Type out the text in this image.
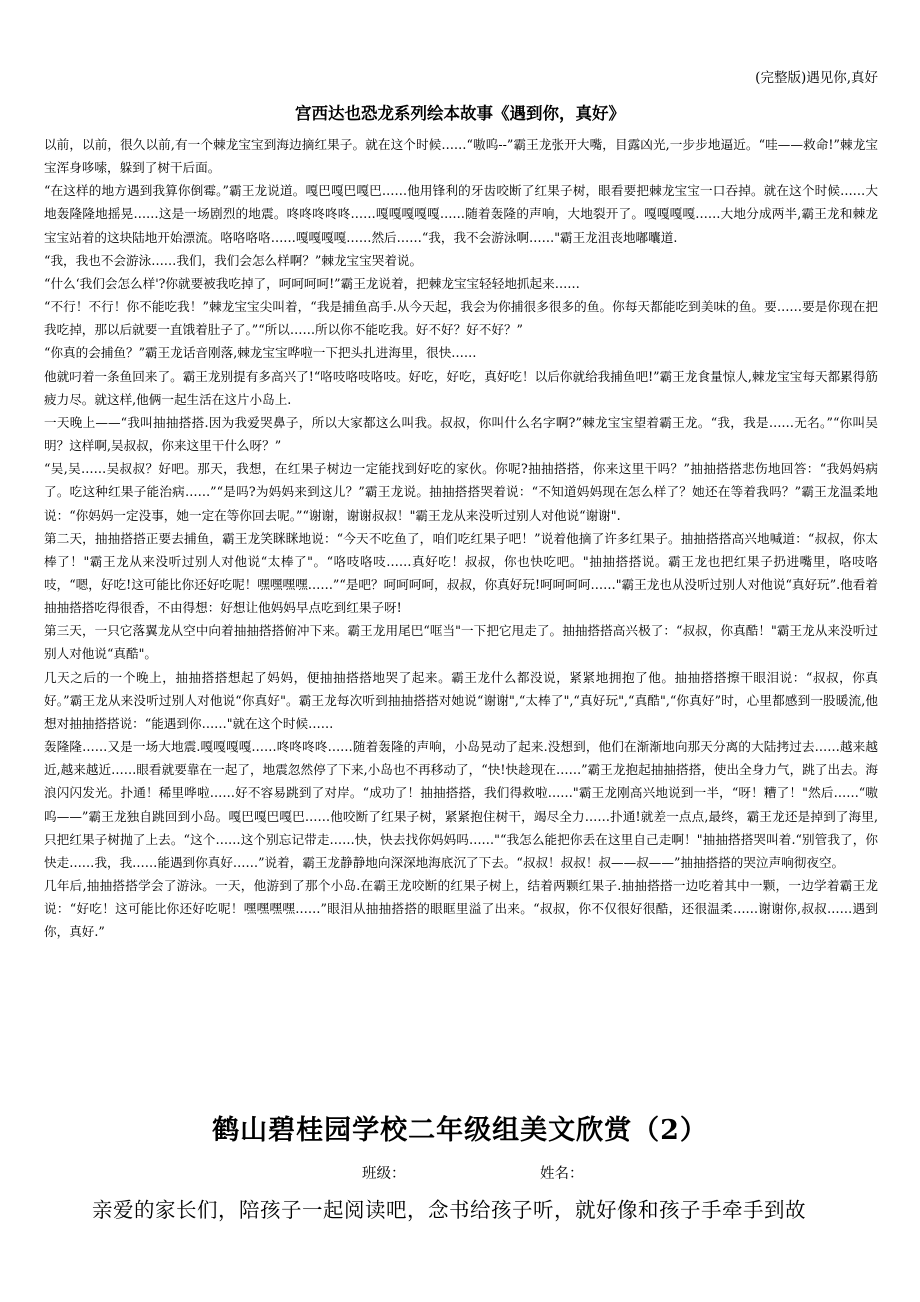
(完整版)遇见你,真好
宫西达也恐龙系列绘本故事《遇到你，真好》

以前，以前，很久以前,有一个棘龙宝宝到海边摘红果子。就在这个时候……“嗷呜--”霸王龙张开大嘴，目露凶光,一步步地逼近。“哇——救命!”棘龙宝宝浑身哆嗦，躲到了树干后面。

“在这样的地方遇到我算你倒霉。”霸王龙说道。嘎巴嘎巴嘎巴……他用锋利的牙齿咬断了红果子树，眼看要把棘龙宝宝一口吞掉。就在这个时候……大地轰隆隆地摇晃……这是一场剧烈的地震。咚咚咚咚咚……嘎嘎嘎嘎嘎……随着轰隆的声响，大地裂开了。嘎嘎嘎嘎……大地分成两半,霸王龙和棘龙宝宝站着的这块陆地开始漂流。咯咯咯咯……嘎嘎嘎嘎……然后……“我，我不会游泳啊……"霸王龙沮丧地嘟囔道.

“我，我也不会游泳……我们，我们会怎么样啊？”棘龙宝宝哭着说。

“什么‘我们会怎么样'?你就要被我吃掉了，呵呵呵呵!”霸王龙说着，把棘龙宝宝轻轻地抓起来……

“不行！不行！你不能吃我！”棘龙宝宝尖叫着，“我是捕鱼高手.从今天起，我会为你捕很多很多的鱼。你每天都能吃到美味的鱼。要……要是你现在把我吃掉，那以后就要一直饿着肚子了。”“所以……所以你不能吃我。好不好？好不好？”

“你真的会捕鱼？”霸王龙话音刚落,棘龙宝宝哗啦一下把头扎进海里，很快……

他就叼着一条鱼回来了。霸王龙别提有多高兴了!“咯吱咯吱咯吱。好吃，好吃，真好吃！以后你就给我捕鱼吧!”霸王龙食量惊人,棘龙宝宝每天都累得筋疲力尽。就这样,他俩一起生活在这片小岛上.

一天晚上——“我叫抽抽搭搭.因为我爱哭鼻子，所以大家都这么叫我。叔叔，你叫什么名字啊?”棘龙宝宝望着霸王龙。“我，我是……无名。”“你叫吴明？这样啊,吴叔叔，你来这里干什么呀？”

“吴,吴……吴叔叔？好吧。那天，我想，在红果子树边一定能找到好吃的家伙。你呢?抽抽搭搭，你来这里干吗？”抽抽搭搭悲伤地回答：“我妈妈病了。吃这种红果子能治病……”“是吗?为妈妈来到这儿？”霸王龙说。抽抽搭搭哭着说：“不知道妈妈现在怎么样了？她还在等着我吗？”霸王龙温柔地说：“你妈妈一定没事，她一定在等你回去呢。”“谢谢，谢谢叔叔！"霸王龙从来没听过别人对他说“谢谢".

第二天，抽抽搭搭正要去捕鱼，霸王龙笑眯眯地说：“今天不吃鱼了，咱们吃红果子吧！”说着他摘了许多红果子。抽抽搭搭高兴地喊道：“叔叔，你太棒了！"霸王龙从来没听过别人对他说“太棒了"。“咯吱咯吱……真好吃！叔叔，你也快吃吧。"抽抽搭搭说。霸王龙也把红果子扔进嘴里，咯吱咯吱，“嗯，好吃!这可能比你还好吃呢！嘿嘿嘿嘿……”“是吧？呵呵呵呵，叔叔，你真好玩!呵呵呵呵……"霸王龙也从没听过别人对他说“真好玩”.他看着抽抽搭搭吃得很香，不由得想：好想让他妈妈早点吃到红果子呀!

第三天，一只它落翼龙从空中向着抽抽搭搭俯冲下来。霸王龙用尾巴“哐当"一下把它甩走了。抽抽搭搭高兴极了：“叔叔，你真酷！"霸王龙从来没听过别人对他说“真酷"。

几天之后的一个晚上，抽抽搭搭想起了妈妈，便抽抽搭搭地哭了起来。霸王龙什么都没说，紧紧地拥抱了他。抽抽搭搭擦干眼泪说：“叔叔，你真好。”霸王龙从来没听过别人对他说“你真好"。霸王龙每次听到抽抽搭搭对她说“谢谢",“太棒了",“真好玩",“真酷",“你真好”时，心里都感到一股暖流,他想对抽抽搭搭说：“能遇到你……"就在这个时候……

轰隆隆……又是一场大地震.嘎嘎嘎嘎……咚咚咚咚……随着轰隆的声响，小岛晃动了起来.没想到，他们在渐渐地向那天分离的大陆拷过去……越来越近,越来越近……眼看就要靠在一起了，地震忽然停了下来,小岛也不再移动了，“快!快趁现在……”霸王龙抱起抽抽搭搭，使出全身力气，跳了出去。海浪闪闪发光。扑通！稀里哗啦……好不容易跳到了对岸。“成功了！抽抽搭搭，我们得救啦……"霸王龙刚高兴地说到一半，“呀！糟了！"然后……“嗷呜——”霸王龙独自跳回到小岛。嘎巴嘎巴嘎巴……他咬断了红果子树，紧紧抱住树干，竭尽全力……扑通!就差一点点,最终，霸王龙还是掉到了海里,只把红果子树抛了上去。“这个……这个别忘记带走……快，快去找你妈妈吗……"“我怎么能把你丢在这里自己走啊！"抽抽搭搭哭叫着.“别管我了，你快走……我，我……能遇到你真好……”说着，霸王龙静静地向深深地海底沉了下去。“叔叔！叔叔！叔——叔——”抽抽搭搭的哭泣声响彻夜空。

几年后,抽抽搭搭学会了游泳。一天，他游到了那个小岛.在霸王龙咬断的红果子树上，结着两颗红果子.抽抽搭搭一边吃着其中一颗，一边学着霸王龙说：“好吃！这可能比你还好吃呢！嘿嘿嘿嘿……”眼泪从抽抽搭搭的眼眶里溢了出来。“叔叔，你不仅很好很酷，还很温柔……谢谢你,叔叔……遇到你，真好.”

鹤山碧桂园学校二年级组美文欣赏（2）
班级：	姓名：
亲爱的家长们，陪孩子一起阅读吧，念书给孩子听，就好像和孩子手牵手到故
